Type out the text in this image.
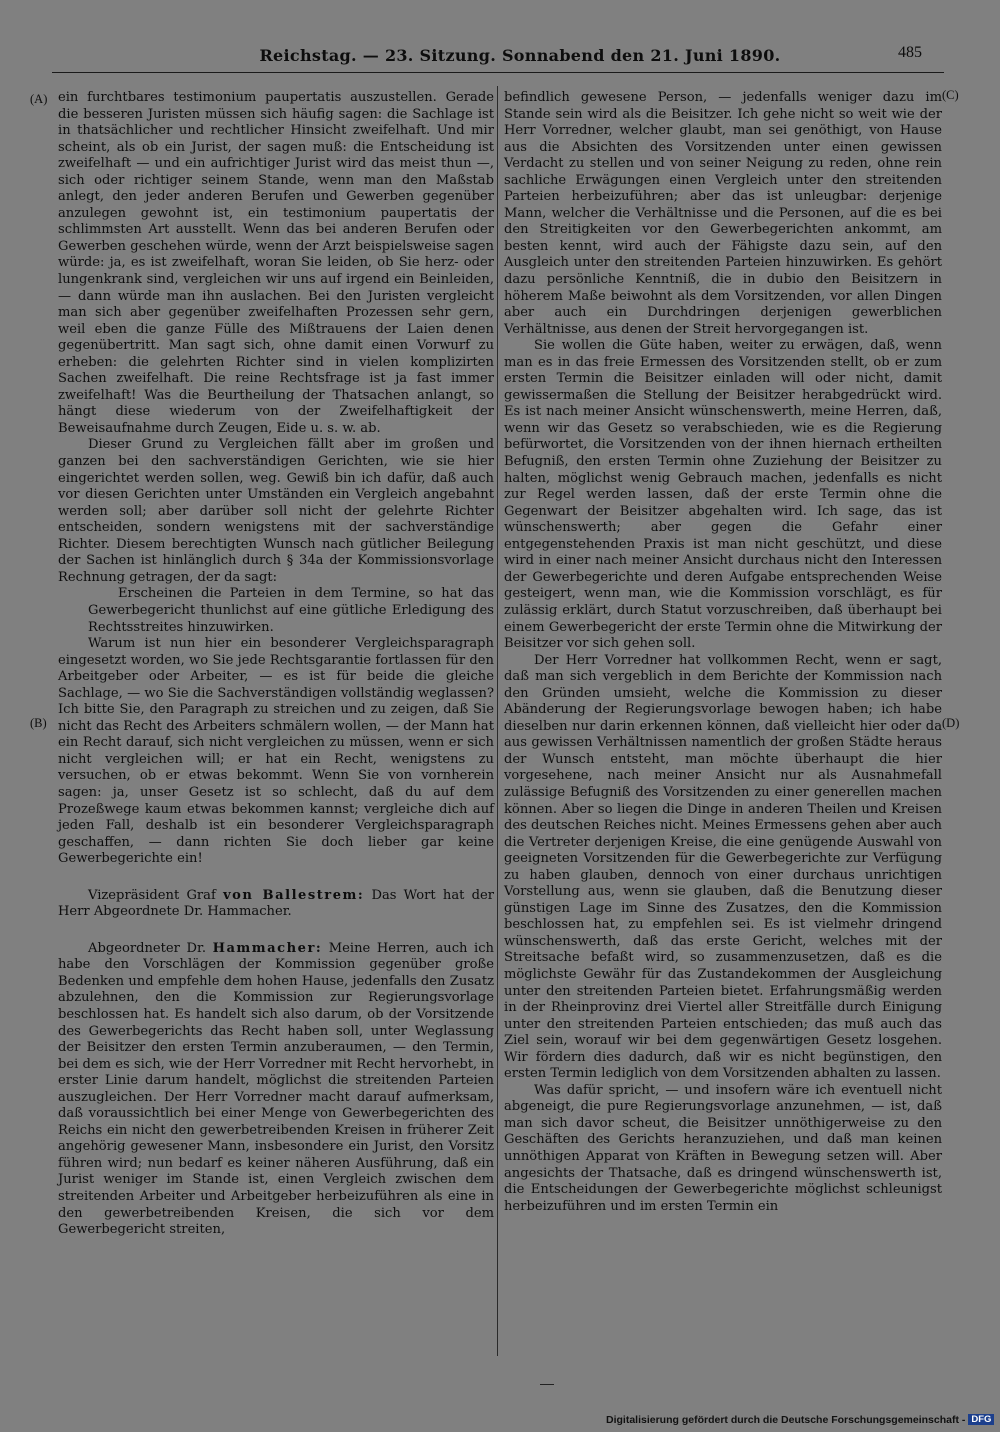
Reichstag. — 23. Sitzung. Sonnabend den 21. Juni 1890.	485
(A)
(B)
(C)
(D)

ein furchtbares testimonium paupertatis auszustellen. Gerade die besseren Juristen müssen sich häufig sagen: die Sachlage ist in thatsächlicher und rechtlicher Hinsicht zweifelhaft. Und mir scheint, als ob ein Jurist, der sagen muß: die Entscheidung ist zweifelhaft — und ein aufrichtiger Jurist wird das meist thun —, sich oder richtiger seinem Stande, wenn man den Maßstab anlegt, den jeder anderen Berufen und Gewerben gegenüber anzulegen gewohnt ist, ein testimonium paupertatis der schlimmsten Art ausstellt. Wenn das bei anderen Berufen oder Gewerben geschehen würde, wenn der Arzt beispielsweise sagen würde: ja, es ist zweifelhaft, woran Sie leiden, ob Sie herz- oder lungenkrank sind, vergleichen wir uns auf irgend ein Beinleiden, — dann würde man ihn auslachen. Bei den Juristen vergleicht man sich aber gegenüber zweifelhaften Prozessen sehr gern, weil eben die ganze Fülle des Mißtrauens der Laien denen gegenübertritt. Man sagt sich, ohne damit einen Vorwurf zu erheben: die gelehrten Richter sind in vielen komplizirten Sachen zweifelhaft. Die reine Rechtsfrage ist ja fast immer zweifelhaft! Was die Beurtheilung der Thatsachen anlangt, so hängt diese wiederum von der Zweifelhaftigkeit der Beweisaufnahme durch Zeugen, Eide u. s. w. ab.

Dieser Grund zu Vergleichen fällt aber im großen und ganzen bei den sachverständigen Gerichten, wie sie hier eingerichtet werden sollen, weg. Gewiß bin ich dafür, daß auch vor diesen Gerichten unter Umständen ein Vergleich angebahnt werden soll; aber darüber soll nicht der gelehrte Richter entscheiden, sondern wenigstens mit der sachverständige Richter. Diesem berechtigten Wunsch nach gütlicher Beilegung der Sachen ist hinlänglich durch § 34a der Kommissionsvorlage Rechnung getragen, der da sagt:

Erscheinen die Parteien in dem Termine, so hat das Gewerbegericht thunlichst auf eine gütliche Erledigung des Rechtsstreites hinzuwirken.

Warum ist nun hier ein besonderer Vergleichsparagraph eingesetzt worden, wo Sie jede Rechtsgarantie fortlassen für den Arbeitgeber oder Arbeiter, — es ist für beide die gleiche Sachlage, — wo Sie die Sachverständigen vollständig weglassen? Ich bitte Sie, den Paragraph zu streichen und zu zeigen, daß Sie nicht das Recht des Arbeiters schmälern wollen, — der Mann hat ein Recht darauf, sich nicht vergleichen zu müssen, wenn er sich nicht vergleichen will; er hat ein Recht, wenigstens zu versuchen, ob er etwas bekommt. Wenn Sie von vornherein sagen: ja, unser Gesetz ist so schlecht, daß du auf dem Prozeßwege kaum etwas bekommen kannst; vergleiche dich auf jeden Fall, deshalb ist ein besonderer Vergleichsparagraph geschaffen, — dann richten Sie doch lieber gar keine Gewerbegerichte ein!

Vizepräsident Graf von Ballestrem: Das Wort hat der Herr Abgeordnete Dr. Hammacher.

Abgeordneter Dr. Hammacher: Meine Herren, auch ich habe den Vorschlägen der Kommission gegenüber große Bedenken und empfehle dem hohen Hause, jedenfalls den Zusatz abzulehnen, den die Kommission zur Regierungsvorlage beschlossen hat. Es handelt sich also darum, ob der Vorsitzende des Gewerbegerichts das Recht haben soll, unter Weglassung der Beisitzer den ersten Termin anzuberaumen, — den Termin, bei dem es sich, wie der Herr Vorredner mit Recht hervorhebt, in erster Linie darum handelt, möglichst die streitenden Parteien auszugleichen. Der Herr Vorredner macht darauf aufmerksam, daß voraussichtlich bei einer Menge von Gewerbegerichten des Reichs ein nicht den gewerbetreibenden Kreisen in früherer Zeit angehörig gewesener Mann, insbesondere ein Jurist, den Vorsitz führen wird; nun bedarf es keiner näheren Ausführung, daß ein Jurist weniger im Stande ist, einen Vergleich zwischen dem streitenden Arbeiter und Arbeitgeber herbeizuführen als eine in den gewerbetreibenden Kreisen, die sich vor dem Gewerbegericht streiten,

befindlich gewesene Person, — jedenfalls weniger dazu im Stande sein wird als die Beisitzer. Ich gehe nicht so weit wie der Herr Vorredner, welcher glaubt, man sei genöthigt, von Hause aus die Absichten des Vorsitzenden unter einen gewissen Verdacht zu stellen und von seiner Neigung zu reden, ohne rein sachliche Erwägungen einen Vergleich unter den streitenden Parteien herbeizuführen; aber das ist unleugbar: derjenige Mann, welcher die Verhältnisse und die Personen, auf die es bei den Streitigkeiten vor den Gewerbegerichten ankommt, am besten kennt, wird auch der Fähigste dazu sein, auf den Ausgleich unter den streitenden Parteien hinzuwirken. Es gehört dazu persönliche Kenntniß, die in dubio den Beisitzern in höherem Maße beiwohnt als dem Vorsitzenden, vor allen Dingen aber auch ein Durchdringen derjenigen gewerblichen Verhältnisse, aus denen der Streit hervorgegangen ist.

Sie wollen die Güte haben, weiter zu erwägen, daß, wenn man es in das freie Ermessen des Vorsitzenden stellt, ob er zum ersten Termin die Beisitzer einladen will oder nicht, damit gewissermaßen die Stellung der Beisitzer herabgedrückt wird. Es ist nach meiner Ansicht wünschenswerth, meine Herren, daß, wenn wir das Gesetz so verabschieden, wie es die Regierung befürwortet, die Vorsitzenden von der ihnen hiernach ertheilten Befugniß, den ersten Termin ohne Zuziehung der Beisitzer zu halten, möglichst wenig Gebrauch machen, jedenfalls es nicht zur Regel werden lassen, daß der erste Termin ohne die Gegenwart der Beisitzer abgehalten wird. Ich sage, das ist wünschenswerth; aber gegen die Gefahr einer entgegenstehenden Praxis ist man nicht geschützt, und diese wird in einer nach meiner Ansicht durchaus nicht den Interessen der Gewerbegerichte und deren Aufgabe entsprechenden Weise gesteigert, wenn man, wie die Kommission vorschlägt, es für zulässig erklärt, durch Statut vorzuschreiben, daß überhaupt bei einem Gewerbegericht der erste Termin ohne die Mitwirkung der Beisitzer vor sich gehen soll.

Der Herr Vorredner hat vollkommen Recht, wenn er sagt, daß man sich vergeblich in dem Berichte der Kommission nach den Gründen umsieht, welche die Kommission zu dieser Abänderung der Regierungsvorlage bewogen haben; ich habe dieselben nur darin erkennen können, daß vielleicht hier oder da aus gewissen Verhältnissen namentlich der großen Städte heraus der Wunsch entsteht, man möchte überhaupt die hier vorgesehene, nach meiner Ansicht nur als Ausnahmefall zulässige Befugniß des Vorsitzenden zu einer generellen machen können. Aber so liegen die Dinge in anderen Theilen und Kreisen des deutschen Reiches nicht. Meines Ermessens gehen aber auch die Vertreter derjenigen Kreise, die eine genügende Auswahl von geeigneten Vorsitzenden für die Gewerbegerichte zur Verfügung zu haben glauben, dennoch von einer durchaus unrichtigen Vorstellung aus, wenn sie glauben, daß die Benutzung dieser günstigen Lage im Sinne des Zusatzes, den die Kommission beschlossen hat, zu empfehlen sei. Es ist vielmehr dringend wünschenswerth, daß das erste Gericht, welches mit der Streitsache befaßt wird, so zusammenzusetzen, daß es die möglichste Gewähr für das Zustandekommen der Ausgleichung unter den streitenden Parteien bietet. Erfahrungsmäßig werden in der Rheinprovinz drei Viertel aller Streitfälle durch Einigung unter den streitenden Parteien entschieden; das muß auch das Ziel sein, worauf wir bei dem gegenwärtigen Gesetz losgehen. Wir fördern dies dadurch, daß wir es nicht begünstigen, den ersten Termin lediglich von dem Vorsitzenden abhalten zu lassen.

Was dafür spricht, — und insofern wäre ich eventuell nicht abgeneigt, die pure Regierungsvorlage anzunehmen, — ist, daß man sich davor scheut, die Beisitzer unnöthigerweise zu den Geschäften des Gerichts heranzuziehen, und daß man keinen unnöthigen Apparat von Kräften in Bewegung setzen will. Aber angesichts der Thatsache, daß es dringend wünschenswerth ist, die Entscheidungen der Gewerbegerichte möglichst schleunigst herbeizuführen und im ersten Termin ein

Digitalisierung gefördert durch die Deutsche Forschungsgemeinschaft - DFG
